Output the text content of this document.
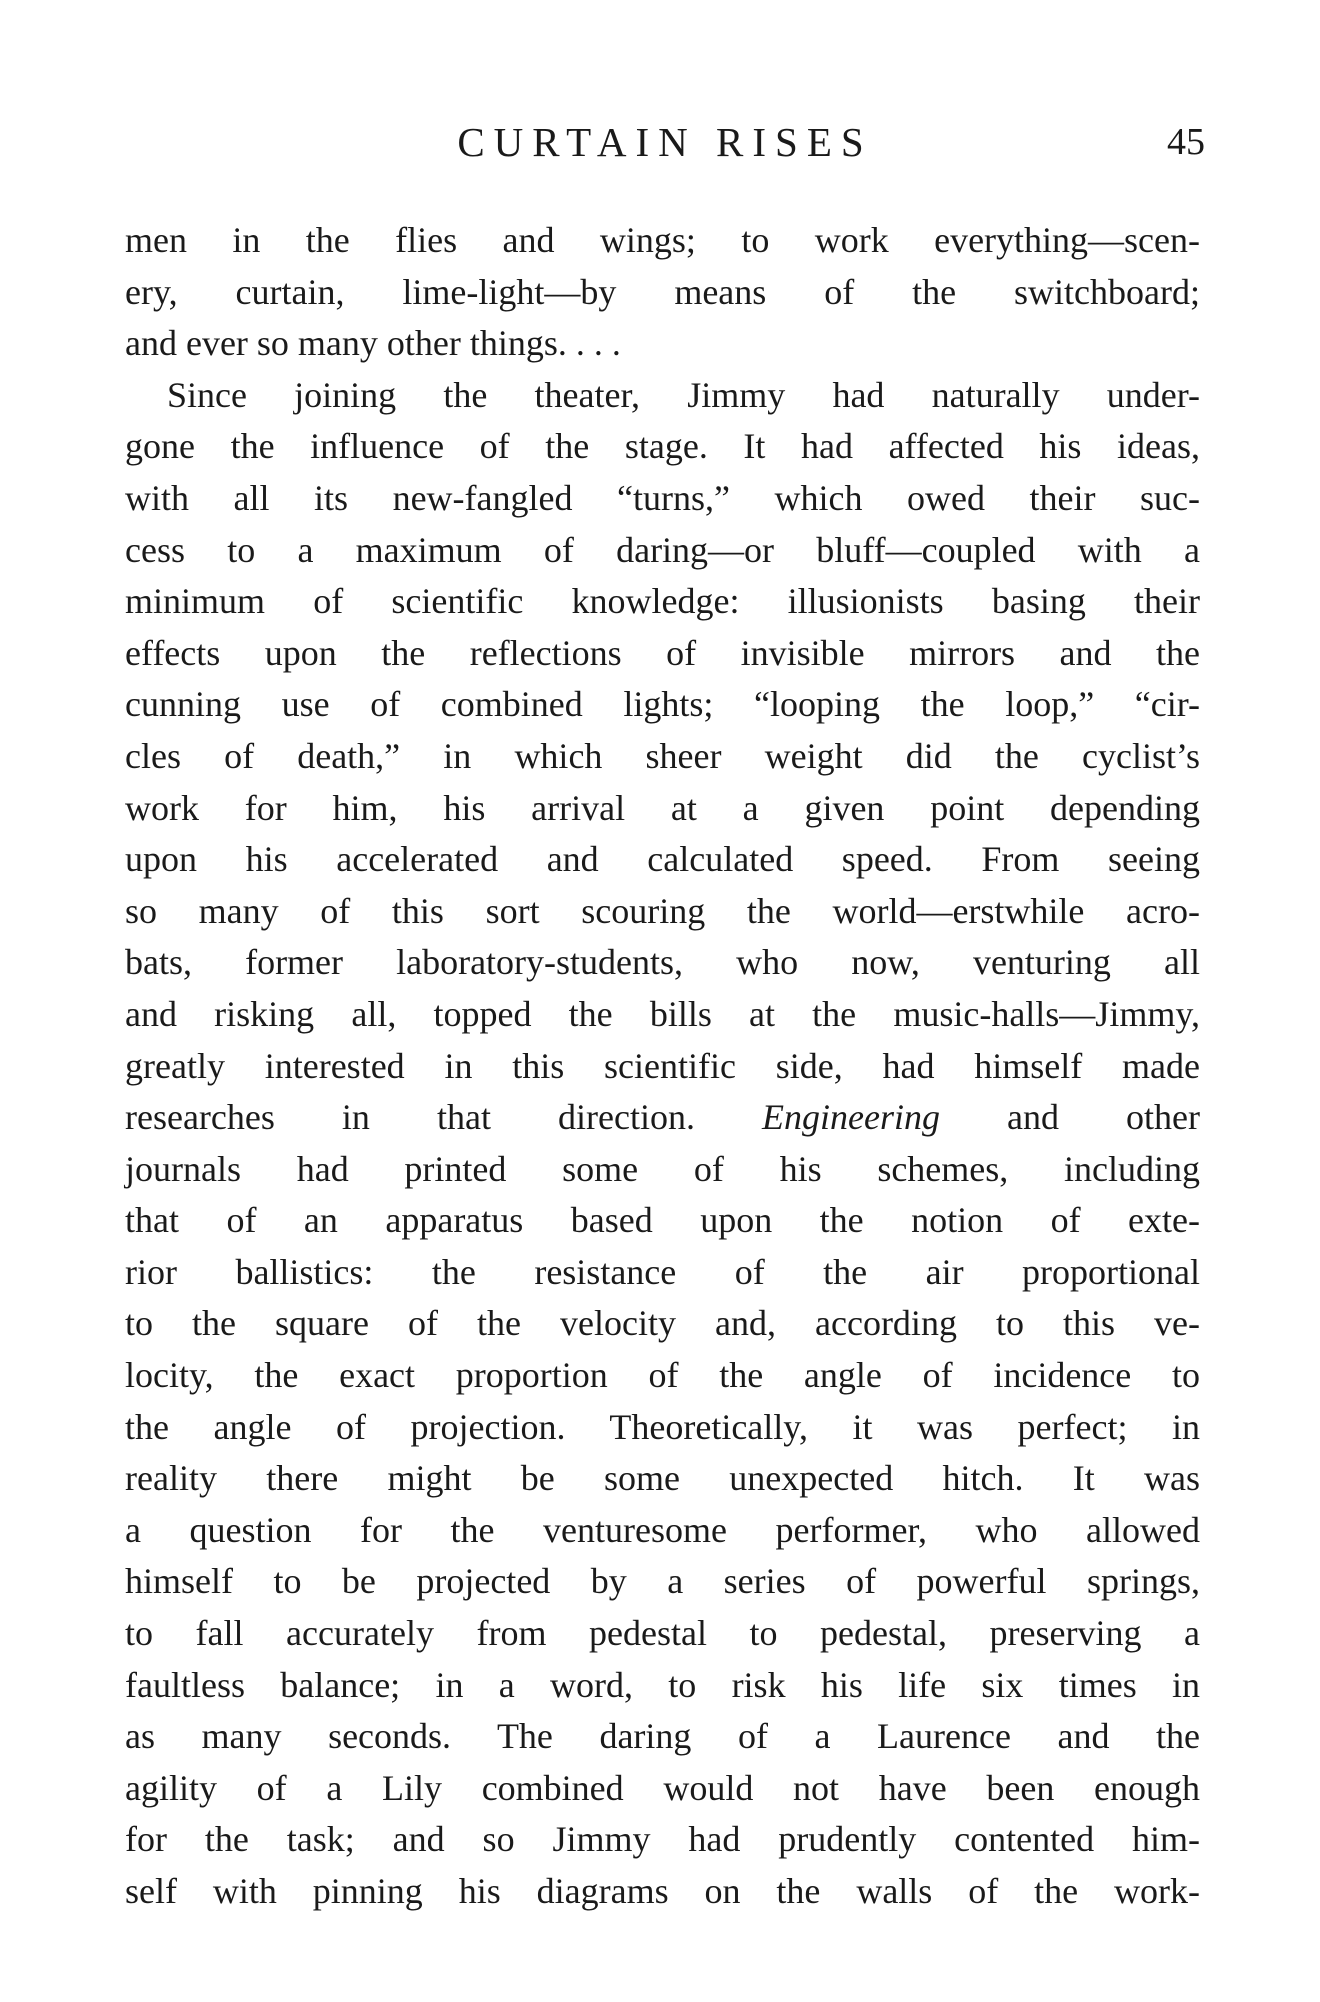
CURTAIN RISES	45
men in the flies and wings; to work everything—scen-
ery, curtain, lime-light—by means of the switchboard;
and ever so many other things. . . .
Since joining the theater, Jimmy had naturally under-
gone the influence of the stage. It had affected his ideas,
with all its new-fangled “turns,” which owed their suc-
cess to a maximum of daring—or bluff—coupled with a
minimum of scientific knowledge: illusionists basing their
effects upon the reflections of invisible mirrors and the
cunning use of combined lights; “looping the loop,” “cir-
cles of death,” in which sheer weight did the cyclist’s
work for him, his arrival at a given point depending
upon his accelerated and calculated speed. From seeing
so many of this sort scouring the world—erstwhile acro-
bats, former laboratory-students, who now, venturing all
and risking all, topped the bills at the music-halls—Jimmy,
greatly interested in this scientific side, had himself made
researches in that direction. Engineering and other
journals had printed some of his schemes, including
that of an apparatus based upon the notion of exte-
rior ballistics: the resistance of the air proportional
to the square of the velocity and, according to this ve-
locity, the exact proportion of the angle of incidence to
the angle of projection. Theoretically, it was perfect; in
reality there might be some unexpected hitch. It was
a question for the venturesome performer, who allowed
himself to be projected by a series of powerful springs,
to fall accurately from pedestal to pedestal, preserving a
faultless balance; in a word, to risk his life six times in
as many seconds. The daring of a Laurence and the
agility of a Lily combined would not have been enough
for the task; and so Jimmy had prudently contented him-
self with pinning his diagrams on the walls of the work-
